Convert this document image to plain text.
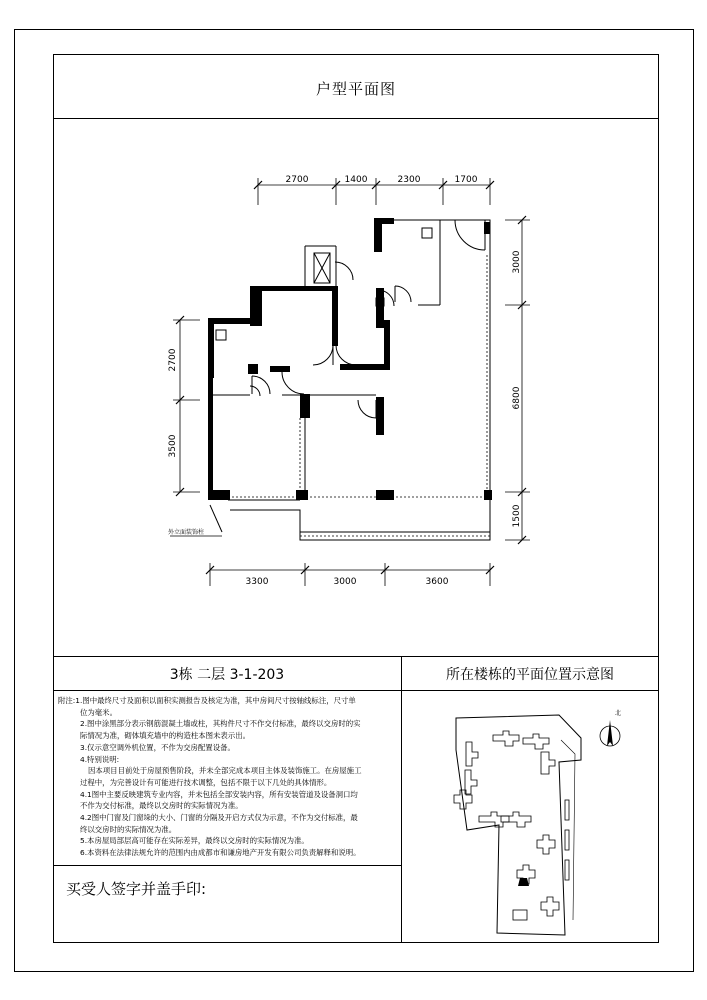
户型平面图
3栋 二层 3-1-203	所在楼栋的平面位置示意图
2700	1400	2300	1700
3300	3000	3600
2700
3500
3000
6800
1500
外立面装饰柱
附注:1.图中最终尺寸及面积以面积实测报告及核定为准，其中房间尺寸按轴线标注，尺寸单
位为毫米。
2.图中涂黑部分表示钢筋混凝土墙或柱，其构件尺寸不作交付标准，最终以交房时的实
际情况为准，砌体填充墙中的构造柱本图未表示出。
3.仅示意空调外机位置，不作为交房配置设备。
4.特别说明:
因本项目目前处于房屋预售阶段，并未全部完成本项目主体及装饰施工。在房屋施工
过程中，为完善设计有可能进行技术调整，包括不限于以下几处的具体情形。
4.1图中主要反映建筑专业内容，并未包括全部安装内容，所有安装管道及设备洞口均
不作为交付标准，最终以交房时的实际情况为准。
4.2图中门窗及门窗垛的大小、门窗的分隔及开启方式仅为示意，不作为交付标准，最
终以交房时的实际情况为准。
5.本房屋局部层高可能存在实际差异，最终以交房时的实际情况为准。
6.本资料在法律法规允许的范围内由成都市和谦房地产开发有限公司负责解释和说明。
买受人签字并盖手印:
北
